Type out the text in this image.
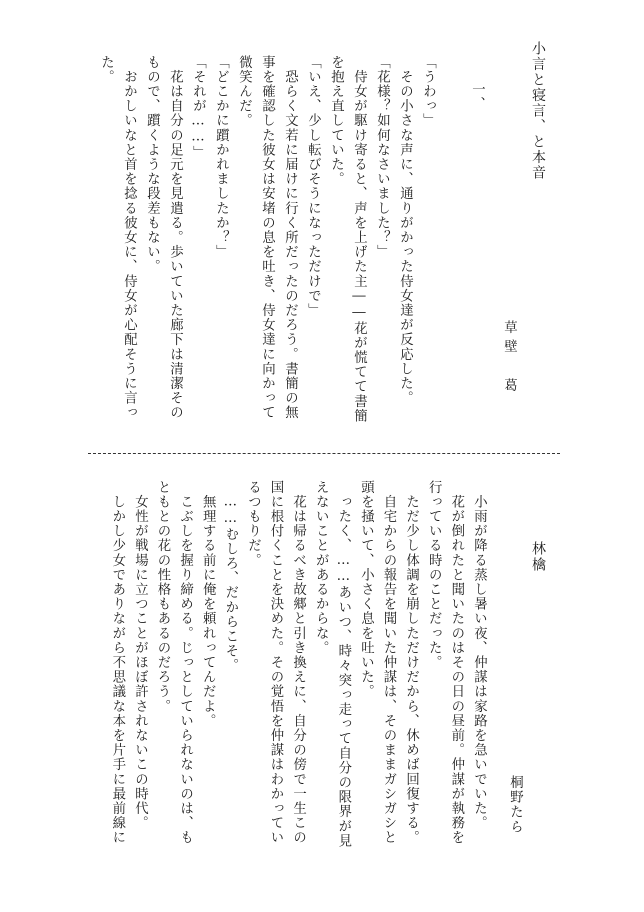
小言と寝言、と本音
草壁　葛
一、
「うわっ」
　その小さな声に、通りがかった侍女達が反応した。
「花様？如何なさいました？」
　侍女が駆け寄ると、声を上げた主――花が慌てて書簡
を抱え直していた。
「いえ、少し転びそうになっただけで」
　恐らく文若に届けに行く所だったのだろう。書簡の無
事を確認した彼女は安堵の息を吐き、侍女達に向かって
微笑んだ。
「どこかに躓かれましたか？」
「それが……」
　花は自分の足元を見遣る。歩いていた廊下は清潔その
もので、躓くような段差もない。
　おかしいなと首を捻る彼女に、侍女が心配そうに言っ
た。
林檎
桐野たら
　小雨が降る蒸し暑い夜、仲謀は家路を急いでいた。
　花が倒れたと聞いたのはその日の昼前。仲謀が執務を
行っている時のことだった。
　ただ少し体調を崩しただけだから、休めば回復する。
　自宅からの報告を聞いた仲謀は、そのままガシガシと
頭を掻いて、小さく息を吐いた。
　ったく、……あいつ、時々突っ走って自分の限界が見
えないことがあるからな。
　花は帰るべき故郷と引き換えに、自分の傍で一生この
国に根付くことを決めた。その覚悟を仲謀はわかってい
るつもりだ。
　……むしろ、だからこそ。
　無理する前に俺を頼れってんだよ。
　こぶしを握り締める。じっとしていられないのは、も
ともとの花の性格もあるのだろう。
　女性が戦場に立つことがほぼ許されないこの時代。
　しかし少女でありながら不思議な本を片手に最前線に
